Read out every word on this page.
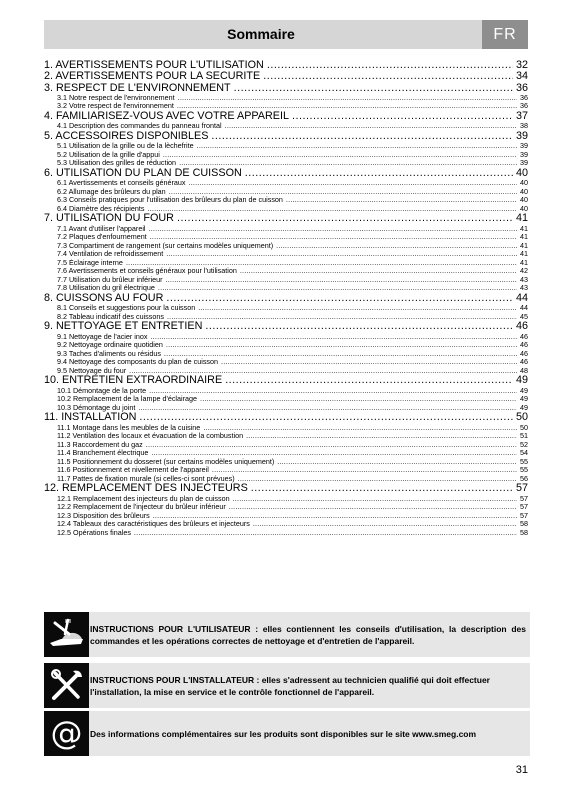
Sommaire	FR
1. AVERTISSEMENTS POUR L'UTILISATION .....	32
2. AVERTISSEMENTS POUR LA SECURITE .....	34
3. RESPECT DE L'ENVIRONNEMENT .....	36
3.1 Notre respect de l'environnement .....	36
3.2 Votre respect de l'environnement .....	36
4. FAMILIARISEZ-VOUS AVEC VOTRE APPAREIL .....	37
4.1 Description des commandes du panneau frontal .....	38
5. ACCESSOIRES DISPONIBLES .....	39
5.1 Utilisation de la grille ou de la lèchefrite .....	39
5.2 Utilisation de la grille d'appui .....	39
5.3 Utilisation des grilles de réduction .....	39
6. UTILISATION DU PLAN DE CUISSON .....	40
6.1 Avertissements et conseils généraux .....	40
6.2 Allumage des brûleurs du plan .....	40
6.3 Conseils pratiques pour l'utilisation des brûleurs du plan de cuisson .....	40
6.4 Diamètre des récipients .....	40
7. UTILISATION DU FOUR .....	41
7.1 Avant d'utiliser l'appareil .....	41
7.2 Plaques d'enfournement .....	41
7.3 Compartiment de rangement (sur certains modèles uniquement) .....	41
7.4 Ventilation de refroidissement .....	41
7.5 Éclairage interne .....	41
7.6 Avertissements et conseils généraux pour l'utilisation .....	42
7.7 Utilisation du brûleur inférieur .....	43
7.8 Utilisation du gril électrique .....	43
8. CUISSONS AU FOUR .....	44
8.1 Conseils et suggestions pour la cuisson .....	44
8.2 Tableau indicatif des cuissons .....	45
9. NETTOYAGE ET ENTRETIEN .....	46
9.1 Nettoyage de l'acier inox .....	46
9.2 Nettoyage ordinaire quotidien .....	46
9.3 Taches d'aliments ou résidus .....	46
9.4 Nettoyage des composants du plan de cuisson .....	46
9.5 Nettoyage du four .....	48
10. ENTRETIEN EXTRAORDINAIRE .....	49
10.1 Démontage de la porte .....	49
10.2 Remplacement de la lampe d'éclairage .....	49
10.3 Démontage du joint .....	49
11. INSTALLATION .....	50
11.1 Montage dans les meubles de la cuisine .....	50
11.2 Ventilation des locaux et évacuation de la combustion .....	51
11.3 Raccordement du gaz .....	52
11.4 Branchement électrique .....	54
11.5 Positionnement du dosseret (sur certains modèles uniquement) .....	55
11.6 Positionnement et nivellement de l'appareil .....	55
11.7 Pattes de fixation murale (si celles-ci sont prévues) .....	56
12. REMPLACEMENT DES INJECTEURS .....	57
12.1 Remplacement des injecteurs du plan de cuisson .....	57
12.2 Remplacement de l'injecteur du brûleur inférieur .....	57
12.3 Disposition des brûleurs .....	57
12.4 Tableaux des caractéristiques des brûleurs et injecteurs .....	58
12.5 Opérations finales .....	58
INSTRUCTIONS POUR L'UTILISATEUR : elles contiennent les conseils d'utilisation, la description des commandes et les opérations correctes de nettoyage et d'entretien de l'appareil.
INSTRUCTIONS POUR L'INSTALLATEUR : elles s'adressent au technicien qualifié qui doit effectuer l'installation, la mise en service et le contrôle fonctionnel de l'appareil.
@ Des informations complémentaires sur les produits sont disponibles sur le site www.smeg.com
31
